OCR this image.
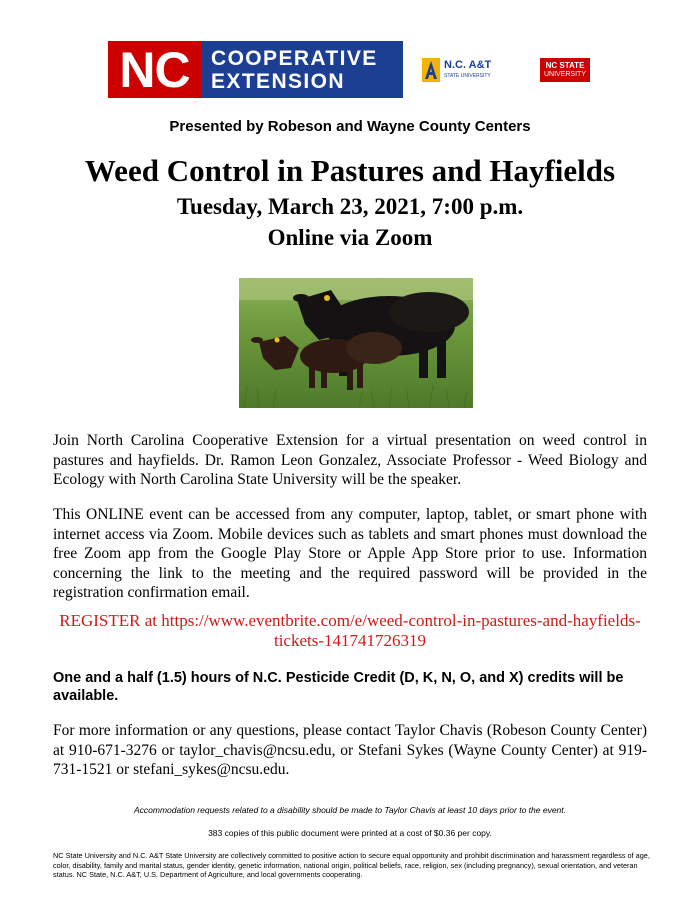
NC	COOPERATIVE
EXTENSION
N.C. A&T
STATE UNIVERSITY
NC STATE
UNIVERSITY
Presented by Robeson and Wayne County Centers
Weed Control in Pastures and Hayfields
Tuesday, March 23, 2021, 7:00 p.m.
Online via Zoom
Join North Carolina Cooperative Extension for a virtual presentation on weed control in pastures and hayfields. Dr. Ramon Leon Gonzalez, Associate Professor - Weed Biology and Ecology with North Carolina State University will be the speaker.
This ONLINE event can be accessed from any computer, laptop, tablet, or smart phone with internet access via Zoom. Mobile devices such as tablets and smart phones must download the free Zoom app from the Google Play Store or Apple App Store prior to use. Information concerning the link to the meeting and the required password will be provided in the registration confirmation email.
REGISTER at https://www.eventbrite.com/e/weed-control-in-pastures-and-hayfields-tickets-141741726319
One and a half (1.5) hours of N.C. Pesticide Credit (D, K, N, O, and X) credits will be available.
For more information or any questions, please contact Taylor Chavis (Robeson County Center) at 910-671-3276 or taylor_chavis@ncsu.edu, or Stefani Sykes (Wayne County Center) at 919-731-1521 or stefani_sykes@ncsu.edu.
Accommodation requests related to a disability should be made to Taylor Chavis at least 10 days prior to the event.
383 copies of this public document were printed at a cost of $0.36 per copy.
NC State University and N.C. A&T State University are collectively committed to positive action to secure equal opportunity and prohibit discrimination and harassment regardless of age, color, disability, family and marital status, gender identity, genetic information, national origin, political beliefs, race, religion, sex (including pregnancy), sexual orientation, and veteran status. NC State, N.C. A&T, U.S. Department of Agriculture, and local governments cooperating.
